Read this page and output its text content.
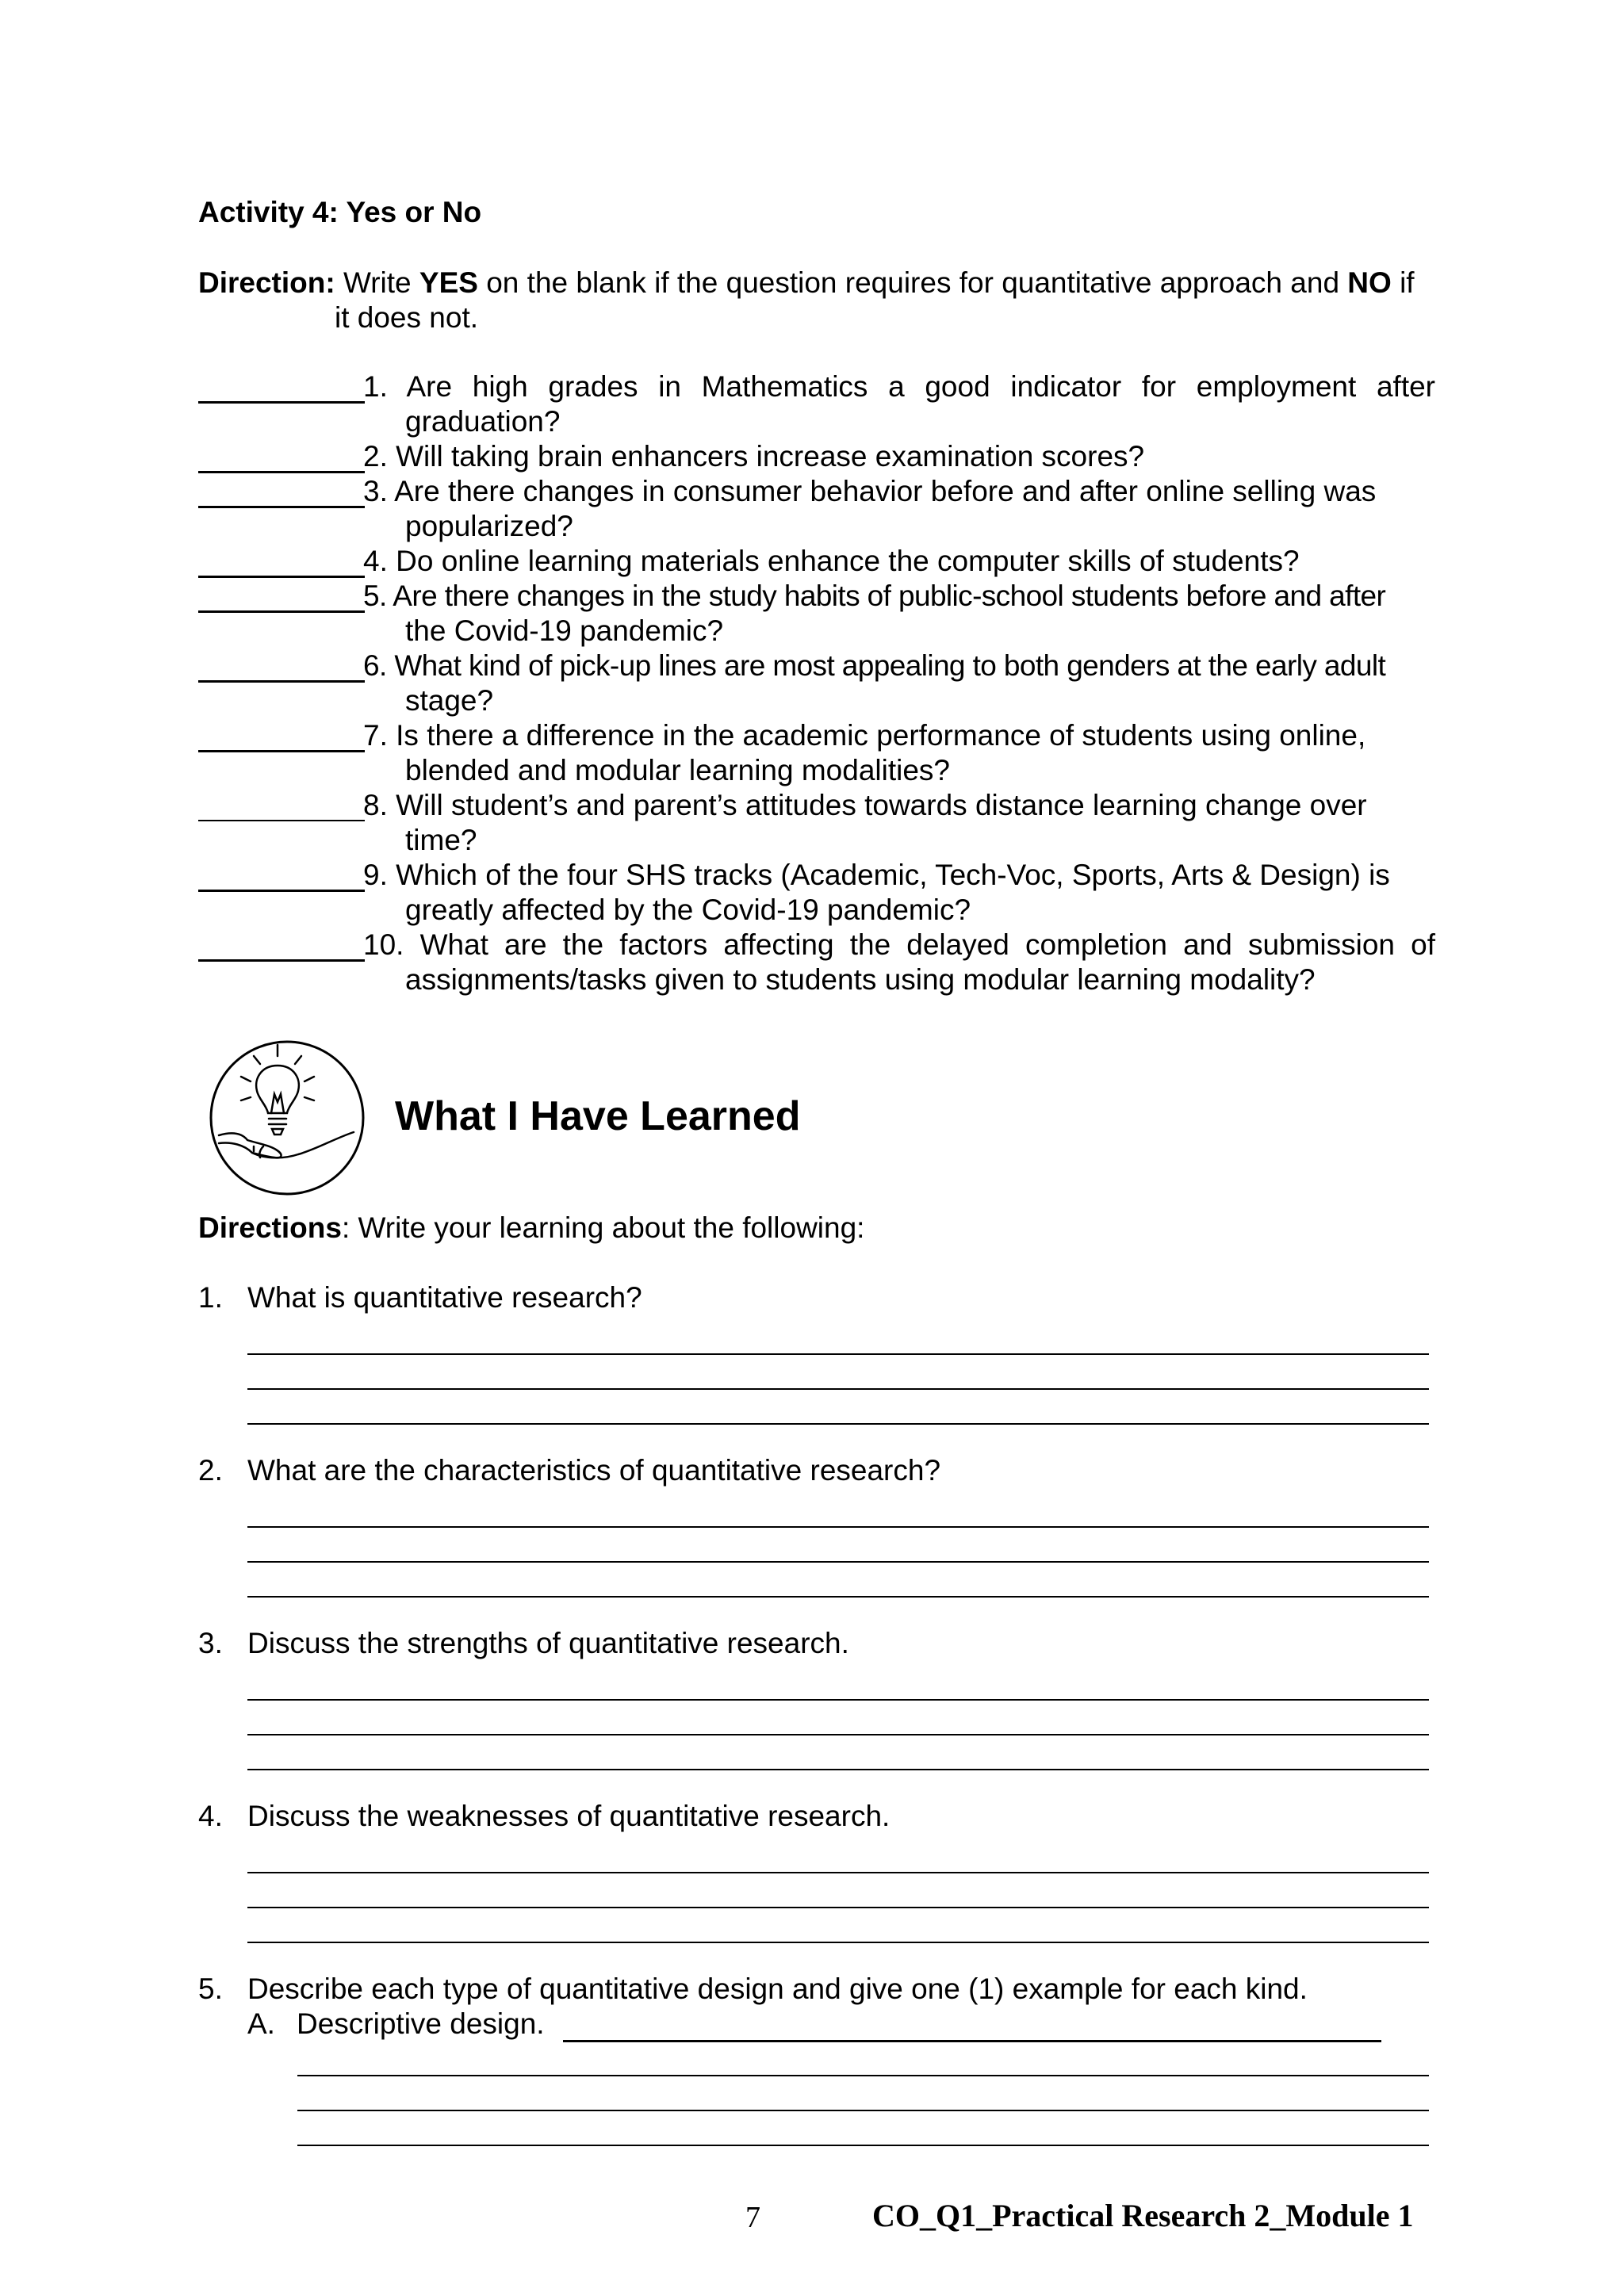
Activity 4: Yes or No
Direction: Write YES on the blank if the question requires for quantitative approach and NO if
it does not.
1. Are high grades in Mathematics a good indicator for employment after
graduation?
2. Will taking brain enhancers increase examination scores?
3. Are there changes in consumer behavior before and after online selling was
popularized?
4. Do online learning materials enhance the computer skills of students?
5. Are there changes in the study habits of public-school students before and after
the Covid-19 pandemic?
6. What kind of pick-up lines are most appealing to both genders at the early adult
stage?
7. Is there a difference in the academic performance of students using online,
blended and modular learning modalities?
8. Will student’s and parent’s attitudes towards distance learning change over
time?
9. Which of the four SHS tracks (Academic, Tech-Voc, Sports, Arts & Design) is
greatly affected by the Covid-19 pandemic?
10. What are the factors affecting the delayed completion and submission of
assignments/tasks given to students using modular learning modality?
What I Have Learned
Directions: Write your learning about the following:
1. What is quantitative research?
2. What are the characteristics of quantitative research?
3. Discuss the strengths of quantitative research.
4. Discuss the weaknesses of quantitative research.
5. Describe each type of quantitative design and give one (1) example for each kind.
A. Descriptive design.
7	CO_Q1_Practical Research 2_Module 1
